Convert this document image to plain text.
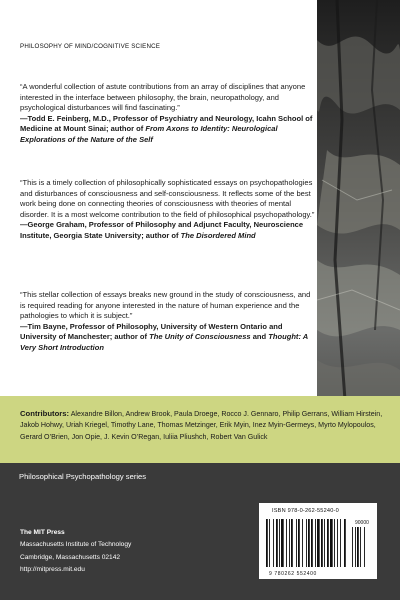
PHILOSOPHY OF MIND/COGNITIVE SCIENCE

“A wonderful collection of astute contributions from an array of disciplines that anyone interested in the interface between philosophy, the brain, neuropathology, and psychological disturbances will find fascinating.”

—Todd E. Feinberg, M.D., Professor of Psychiatry and Neurology, Icahn School of Medicine at Mount Sinai; author of From Axons to Identity: Neurological Explorations of the Nature of the Self

“This is a timely collection of philosophically sophisticated essays on psychopathologies and disturbances of consciousness and self-consciousness. It reflects some of the best work being done on connecting theories of consciousness with theories of mental disorder. It is a most welcome contribution to the field of philosophical psychopathology.”

—George Graham, Professor of Philosophy and Adjunct Faculty, Neuroscience Institute, Georgia State University; author of The Disordered Mind

“This stellar collection of essays breaks new ground in the study of consciousness, and is required reading for anyone interested in the nature of human experience and the pathologies to which it is subject.”

—Tim Bayne, Professor of Philosophy, University of Western Ontario and University of Manchester; author of The Unity of Consciousness and Thought: A Very Short Introduction

Contributors: Alexandre Billon, Andrew Brook, Paula Droege, Rocco J. Gennaro, Philip Gerrans, William Hirstein, Jakob Hohwy, Uriah Kriegel, Timothy Lane, Thomas Metzinger, Erik Myin, Inez Myin-Germeys, Myrto Mylopoulos, Gerard O’Brien, Jon Opie, J. Kevin O’Regan, Iuliia Pliushch, Robert Van Gulick
Philosophical Psychopathology series
The MIT Press
Massachusetts Institute of Technology
Cambridge, Massachusetts 02142
http://mitpress.mit.edu
ISBN 978-0-262-55240-0
90000
9 780262 552400
